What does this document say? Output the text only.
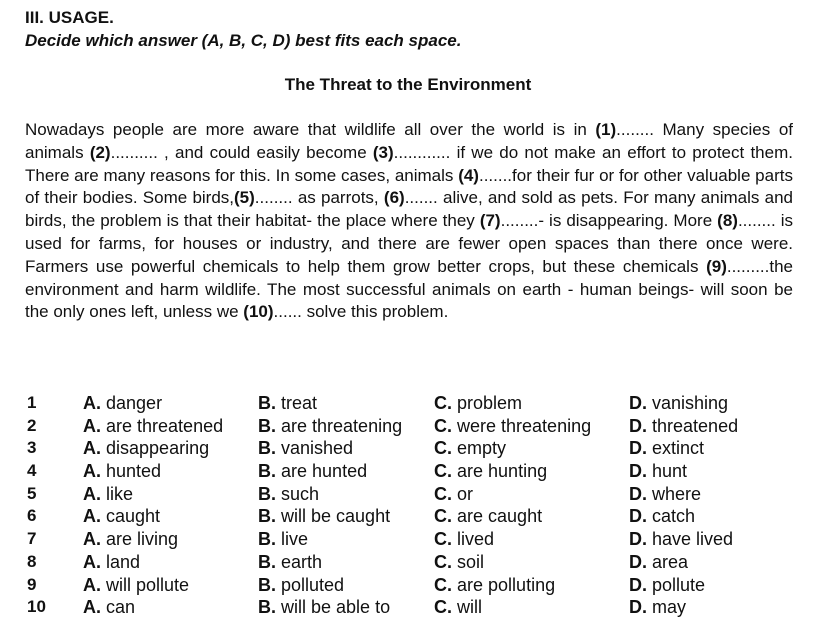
III. USAGE.
Decide which answer (A, B, C, D) best fits each space.
The Threat to the Environment

Nowadays people are more aware that wildlife all over the world is in (1)........ Many species of animals (2).......... , and could easily become (3)............ if we do not make an effort to protect them. There are many reasons for this. In some cases, animals (4).......for their fur or for other valuable parts of their bodies. Some birds,(5)........ as parrots, (6)....... alive, and sold as pets. For many animals and birds, the problem is that their habitat- the place where they (7)........- is disappearing. More (8)........ is used for farms, for houses or industry, and there are fewer open spaces than there once were. Farmers use powerful chemicals to help them grow better crops, but these chemicals (9).........the environment and harm wildlife. The most successful animals on earth - human beings- will soon be the only ones left, unless we (10)...... solve this problem.

1	A. danger	B. treat	C. problem	D. vanishing
2	A. are threatened B. are threatening C. were threatening D. threatened
3	A. disappearing	B. vanished	C. empty	D. extinct
4	A. hunted	B. are hunted	C. are hunting	D. hunt
5	A. like	B. such	C. or	D. where
6	A. caught	B. will be caught C. are caught	D. catch
7	A. are living	B. live	C. lived	D. have lived
8	A. land	B. earth	C. soil	D. area
9	A. will pollute	B. polluted	C. are polluting	D. pollute
10 A. can	B. will be able to C. will	D. may
